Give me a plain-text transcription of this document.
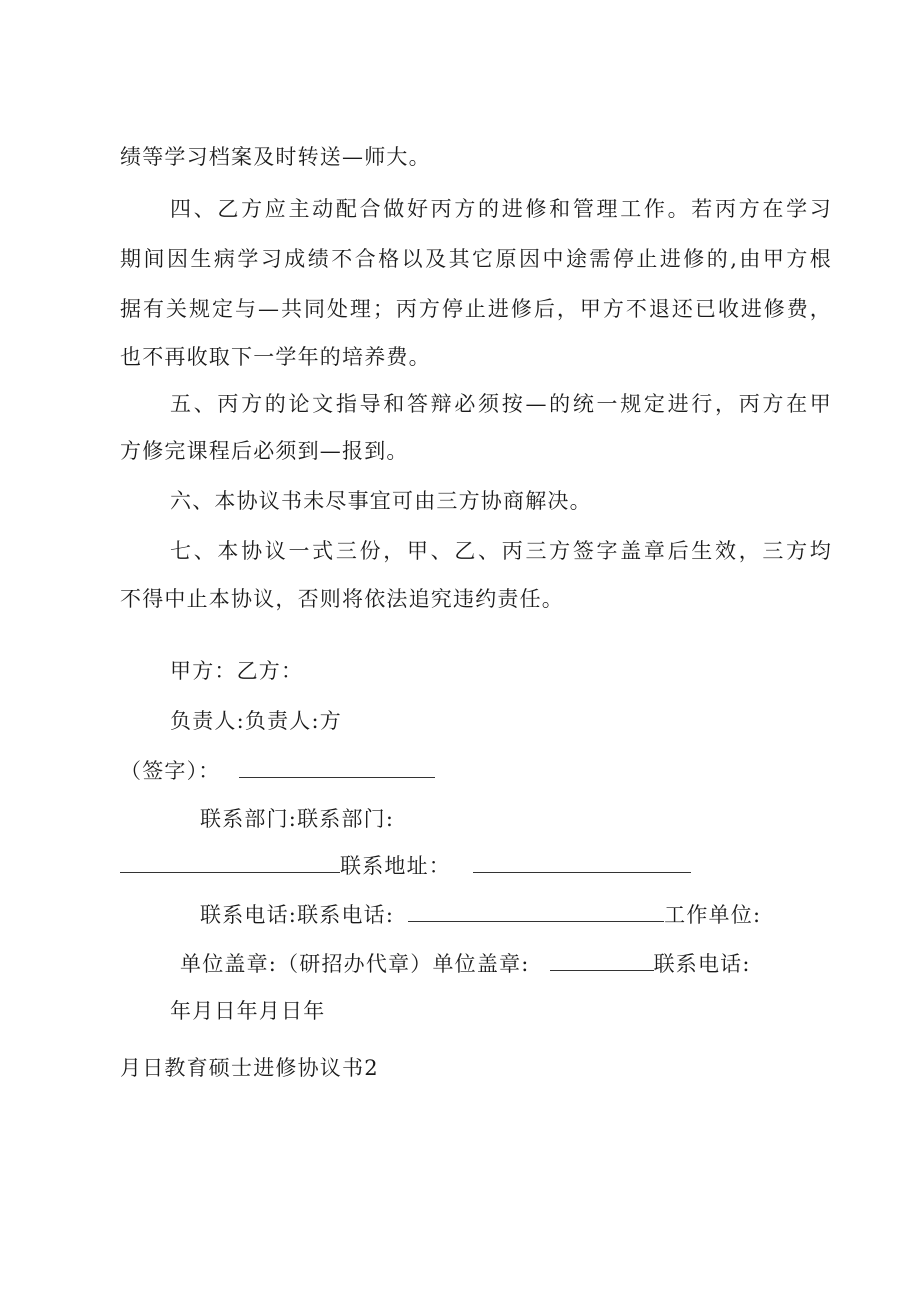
绩等学习档案及时转送—师大。
四、乙方应主动配合做好丙方的进修和管理工作。若丙方在学习
期间因生病学习成绩不合格以及其它原因中途需停止进修的,由甲方根
据有关规定与—共同处理；丙方停止进修后，甲方不退还已收进修费，
也不再收取下一学年的培养费。
五、丙方的论文指导和答辩必须按—的统一规定进行，丙方在甲
方修完课程后必须到—报到。
六、本协议书未尽事宜可由三方协商解决。
七、本协议一式三份，甲、乙、丙三方签字盖章后生效，三方均
不得中止本协议，否则将依法追究违约责任。
甲方：乙方：
负责人:负责人:方
（签字）：
联系部门:联系部门:
联系地址：
联系电话:联系电话:	工作单位:
单位盖章:（研招办代章）单位盖章:	联系电话:
年月日年月日年
月日教育硕士进修协议书2
